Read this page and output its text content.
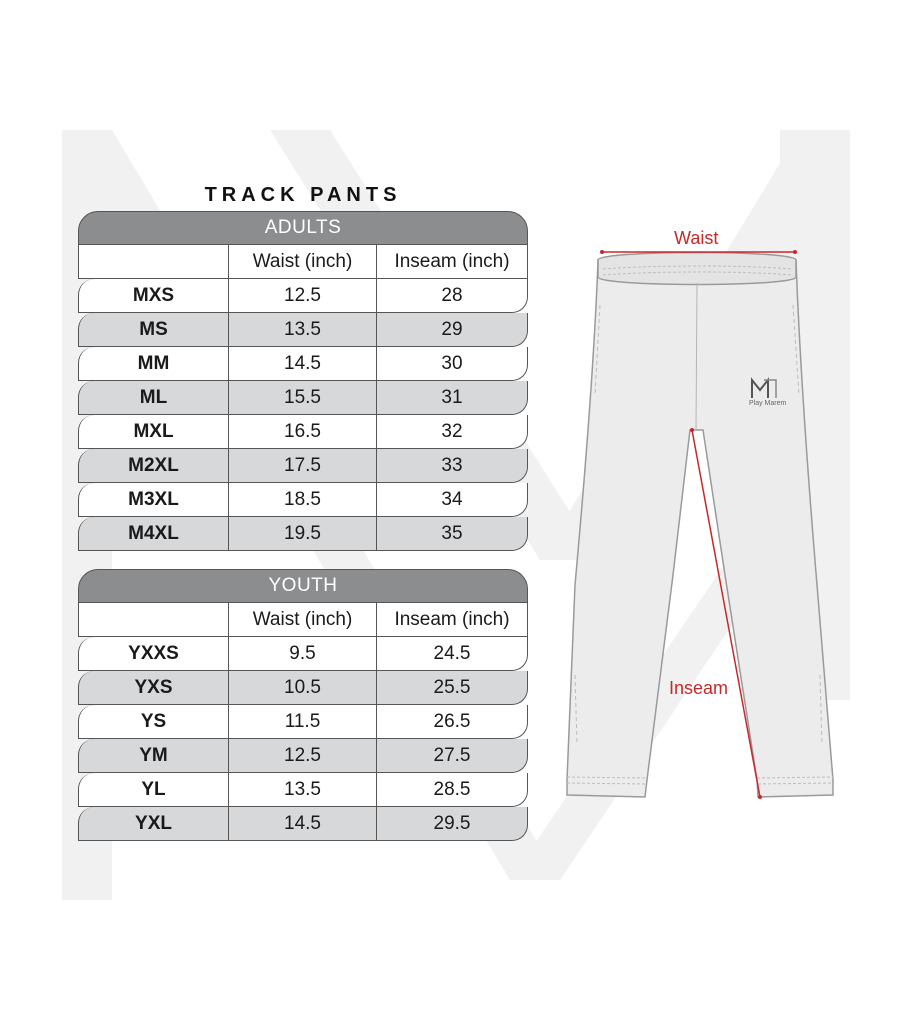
TRACK PANTS
ADULTS
Waist (inch)	Inseam (inch)
MXS	12.5	28
MS	13.5	29
MM	14.5	30
ML	15.5	31
MXL	16.5	32
M2XL	17.5	33
M3XL	18.5	34
M4XL	19.5	35
YOUTH
Waist (inch)	Inseam (inch)
YXXS	9.5	24.5
YXS	10.5	25.5
YS	11.5	26.5
YM	12.5	27.5
YL	13.5	28.5
YXL	14.5	29.5
Play Marem
Waist
Inseam
